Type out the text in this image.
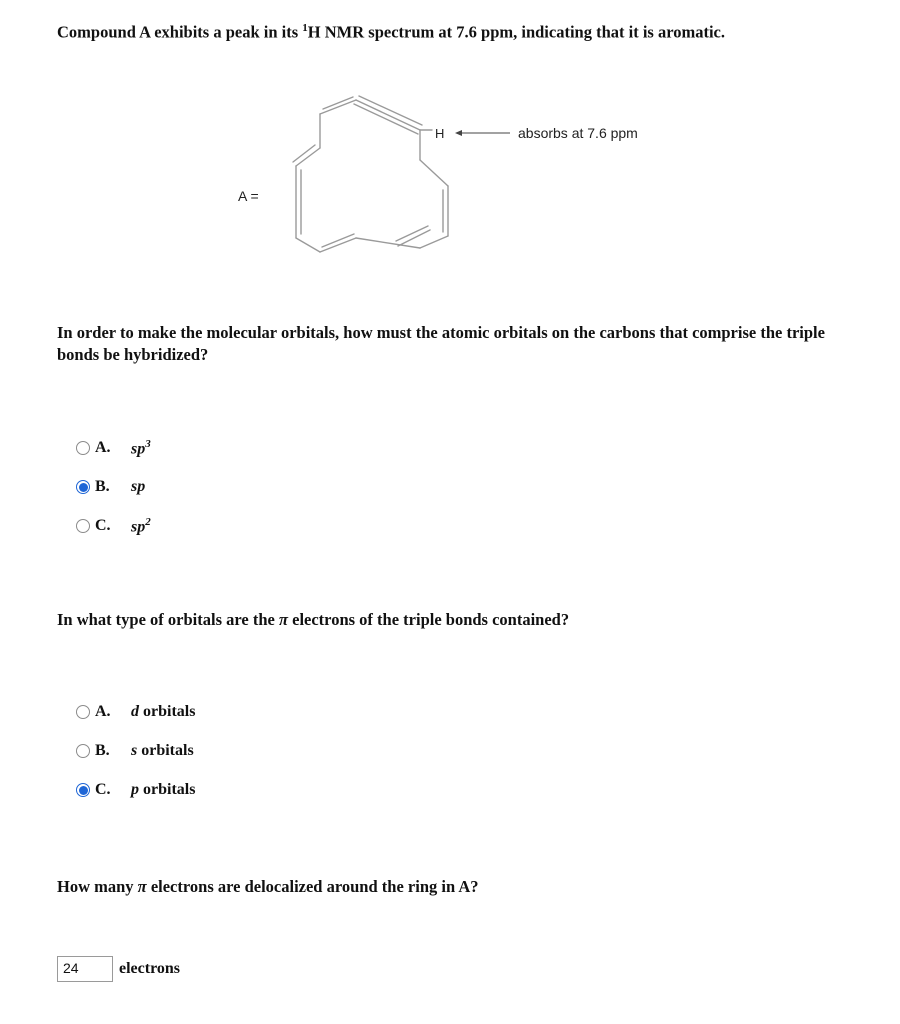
Compound A exhibits a peak in its $^1$H NMR spectrum at 7.6 ppm, indicating that it is aromatic.
A =
H	absorbs at 7.6 ppm
In order to make the molecular orbitals, how must the atomic orbitals on the carbons that comprise the triple bonds be hybridized?
A.	$sp^3$
B.	sp
C.	$sp^2$
In what type of orbitals are the π electrons of the triple bonds contained?
A.	d orbitals
B.	s orbitals
C.	p orbitals
How many π electrons are delocalized around the ring in A?
24	electrons
